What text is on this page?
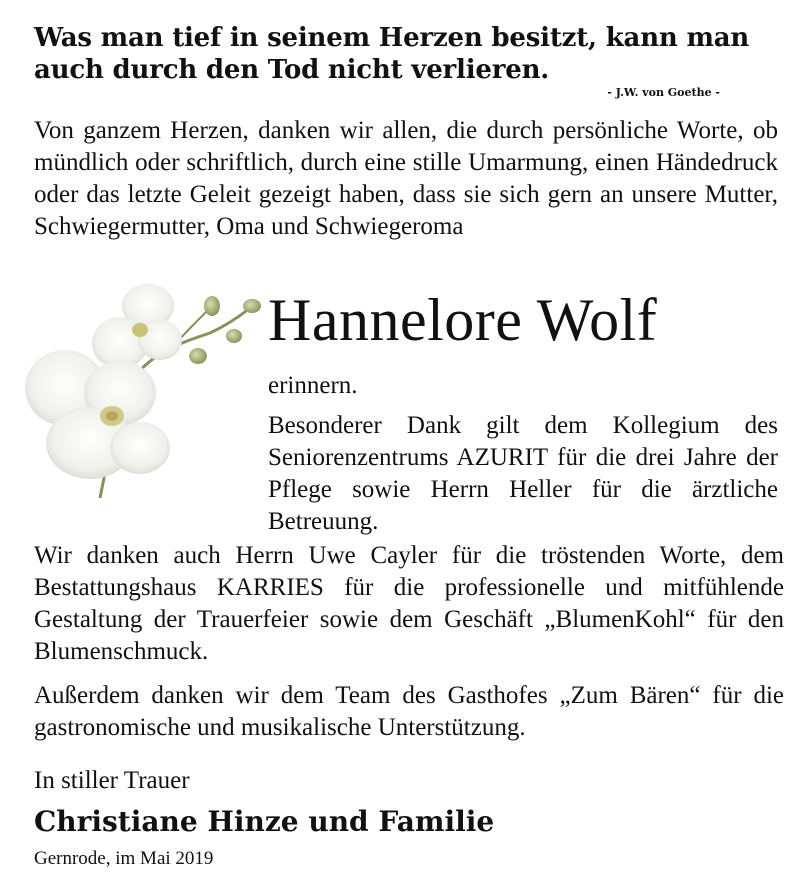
Was man tief in seinem Herzen besitzt, kann man auch durch den Tod nicht verlieren.
- J.W. von Goethe -
Von ganzem Herzen, danken wir allen, die durch persönliche Worte, ob mündlich oder schriftlich, durch eine stille Umarmung, einen Händedruck oder das letzte Geleit gezeigt haben, dass sie sich gern an unsere Mutter, Schwiegermutter, Oma und Schwiegeroma
Hannelore Wolf
erinnern.
Besonderer Dank gilt dem Kollegium des Seniorenzentrums AZURIT für die drei Jahre der Pflege sowie Herrn Heller für die ärztliche Betreuung.
Wir danken auch Herrn Uwe Cayler für die tröstenden Worte, dem Bestattungshaus KARRIES für die professionelle und mitfühlende Gestaltung der Trauerfeier sowie dem Geschäft „BlumenKohl“ für den Blumenschmuck.
Außerdem danken wir dem Team des Gasthofes „Zum Bären“ für die gastronomische und musikalische Unterstützung.
In stiller Trauer
Christiane Hinze und Familie
Gernrode, im Mai 2019
